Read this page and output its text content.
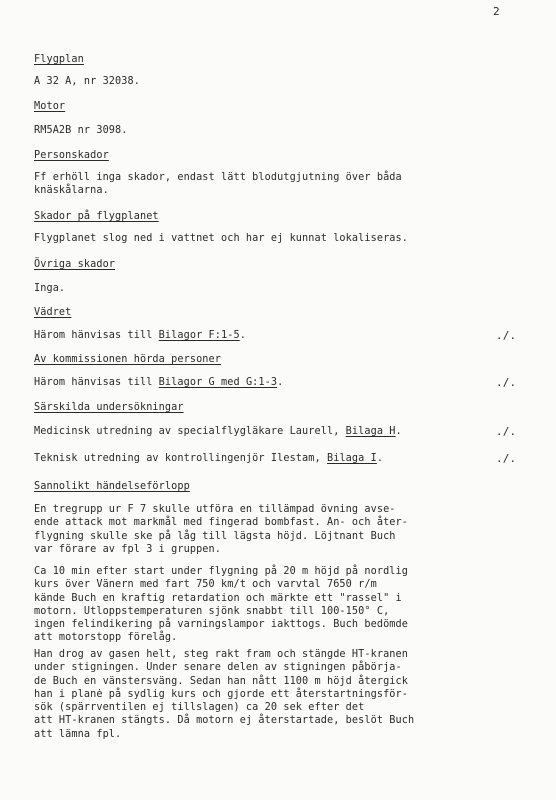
2
Flygplan
A 32 A, nr 32038.
Motor
RM5A2B nr 3098.
Personskador
Ff erhöll inga skador, endast lätt blodutgjutning över båda
knäskålarna.
Skador på flygplanet
Flygplanet slog ned i vattnet och har ej kunnat lokaliseras.
Övriga skador
Inga.
Vädret
Härom hänvisas till Bilagor F:1-5.	./.
Av kommissionen hörda personer
Härom hänvisas till Bilagor G med G:1-3.	./.
Särskilda undersökningar
Medicinsk utredning av specialflygläkare Laurell, Bilaga H.	./.
Teknisk utredning av kontrollingenjör Ilestam, Bilaga I.	./.
Sannolikt händelseförlopp
En tregrupp ur F 7 skulle utföra en tillämpad övning avse-
ende attack mot markmål med fingerad bombfast. An- och åter-
flygning skulle ske på låg till lägsta höjd. Löjtnant Buch
var förare av fpl 3 i gruppen.
Ca 10 min efter start under flygning på 20 m höjd på nordlig
kurs över Vänern med fart 750 km/t och varvtal 7650 r/m
kände Buch en kraftig retardation och märkte ett "rassel" i
motorn. Utloppstemperaturen sjönk snabbt till 100-150° C,
ingen felindikering på varningslampor iakttogs. Buch bedömde
att motorstopp förelåg.
Han drog av gasen helt, steg rakt fram och stängde HT-kranen
under stigningen. Under senare delen av stigningen påbörja-
de Buch en vänstersväng. Sedan han nått 1100 m höjd återgick
han i planė på sydlig kurs och gjorde ett återstartningsför-
sök (spärrventilen ej tillslagen) ca 20 sek efter det
att HT-kranen stängts. Då motorn ej återstartade, beslöt Buch
att lämna fpl.
